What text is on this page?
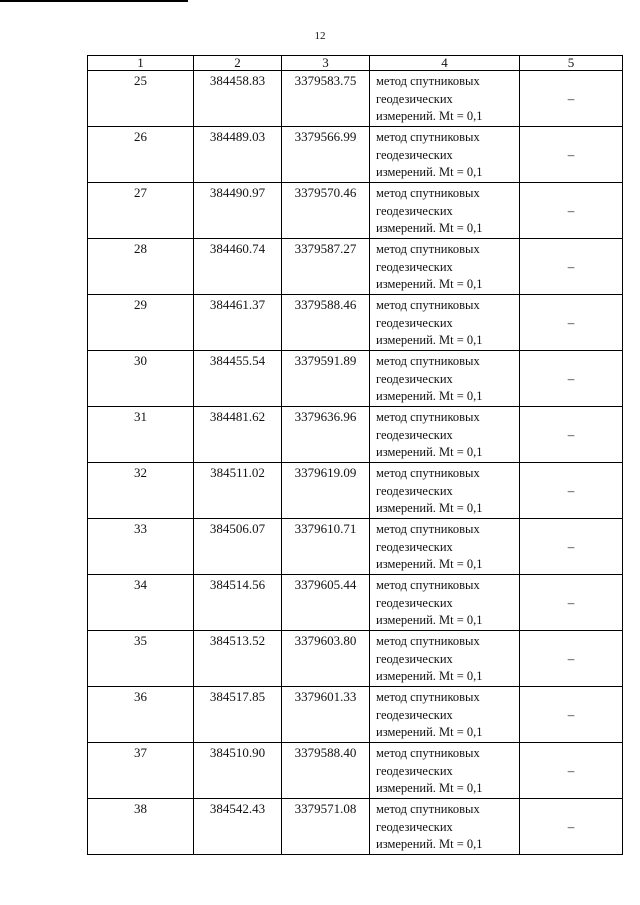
12
1	2	3	4	5
25	384458.83	3379583.75	метод спутниковых
геодезических
измерений. Mt = 0,1	–
26	384489.03	3379566.99	метод спутниковых
геодезических
измерений. Mt = 0,1	–
27	384490.97	3379570.46	метод спутниковых
геодезических
измерений. Mt = 0,1	–
28	384460.74	3379587.27	метод спутниковых
геодезических
измерений. Mt = 0,1	–
29	384461.37	3379588.46	метод спутниковых
геодезических
измерений. Mt = 0,1	–
30	384455.54	3379591.89	метод спутниковых
геодезических
измерений. Mt = 0,1	–
31	384481.62	3379636.96	метод спутниковых
геодезических
измерений. Mt = 0,1	–
32	384511.02	3379619.09	метод спутниковых
геодезических
измерений. Mt = 0,1	–
33	384506.07	3379610.71	метод спутниковых
геодезических
измерений. Mt = 0,1	–
34	384514.56	3379605.44	метод спутниковых
геодезических
измерений. Mt = 0,1	–
35	384513.52	3379603.80	метод спутниковых
геодезических
измерений. Mt = 0,1	–
36	384517.85	3379601.33	метод спутниковых
геодезических
измерений. Mt = 0,1	–
37	384510.90	3379588.40	метод спутниковых
геодезических
измерений. Mt = 0,1	–
38	384542.43	3379571.08	метод спутниковых
геодезических
измерений. Mt = 0,1	–
